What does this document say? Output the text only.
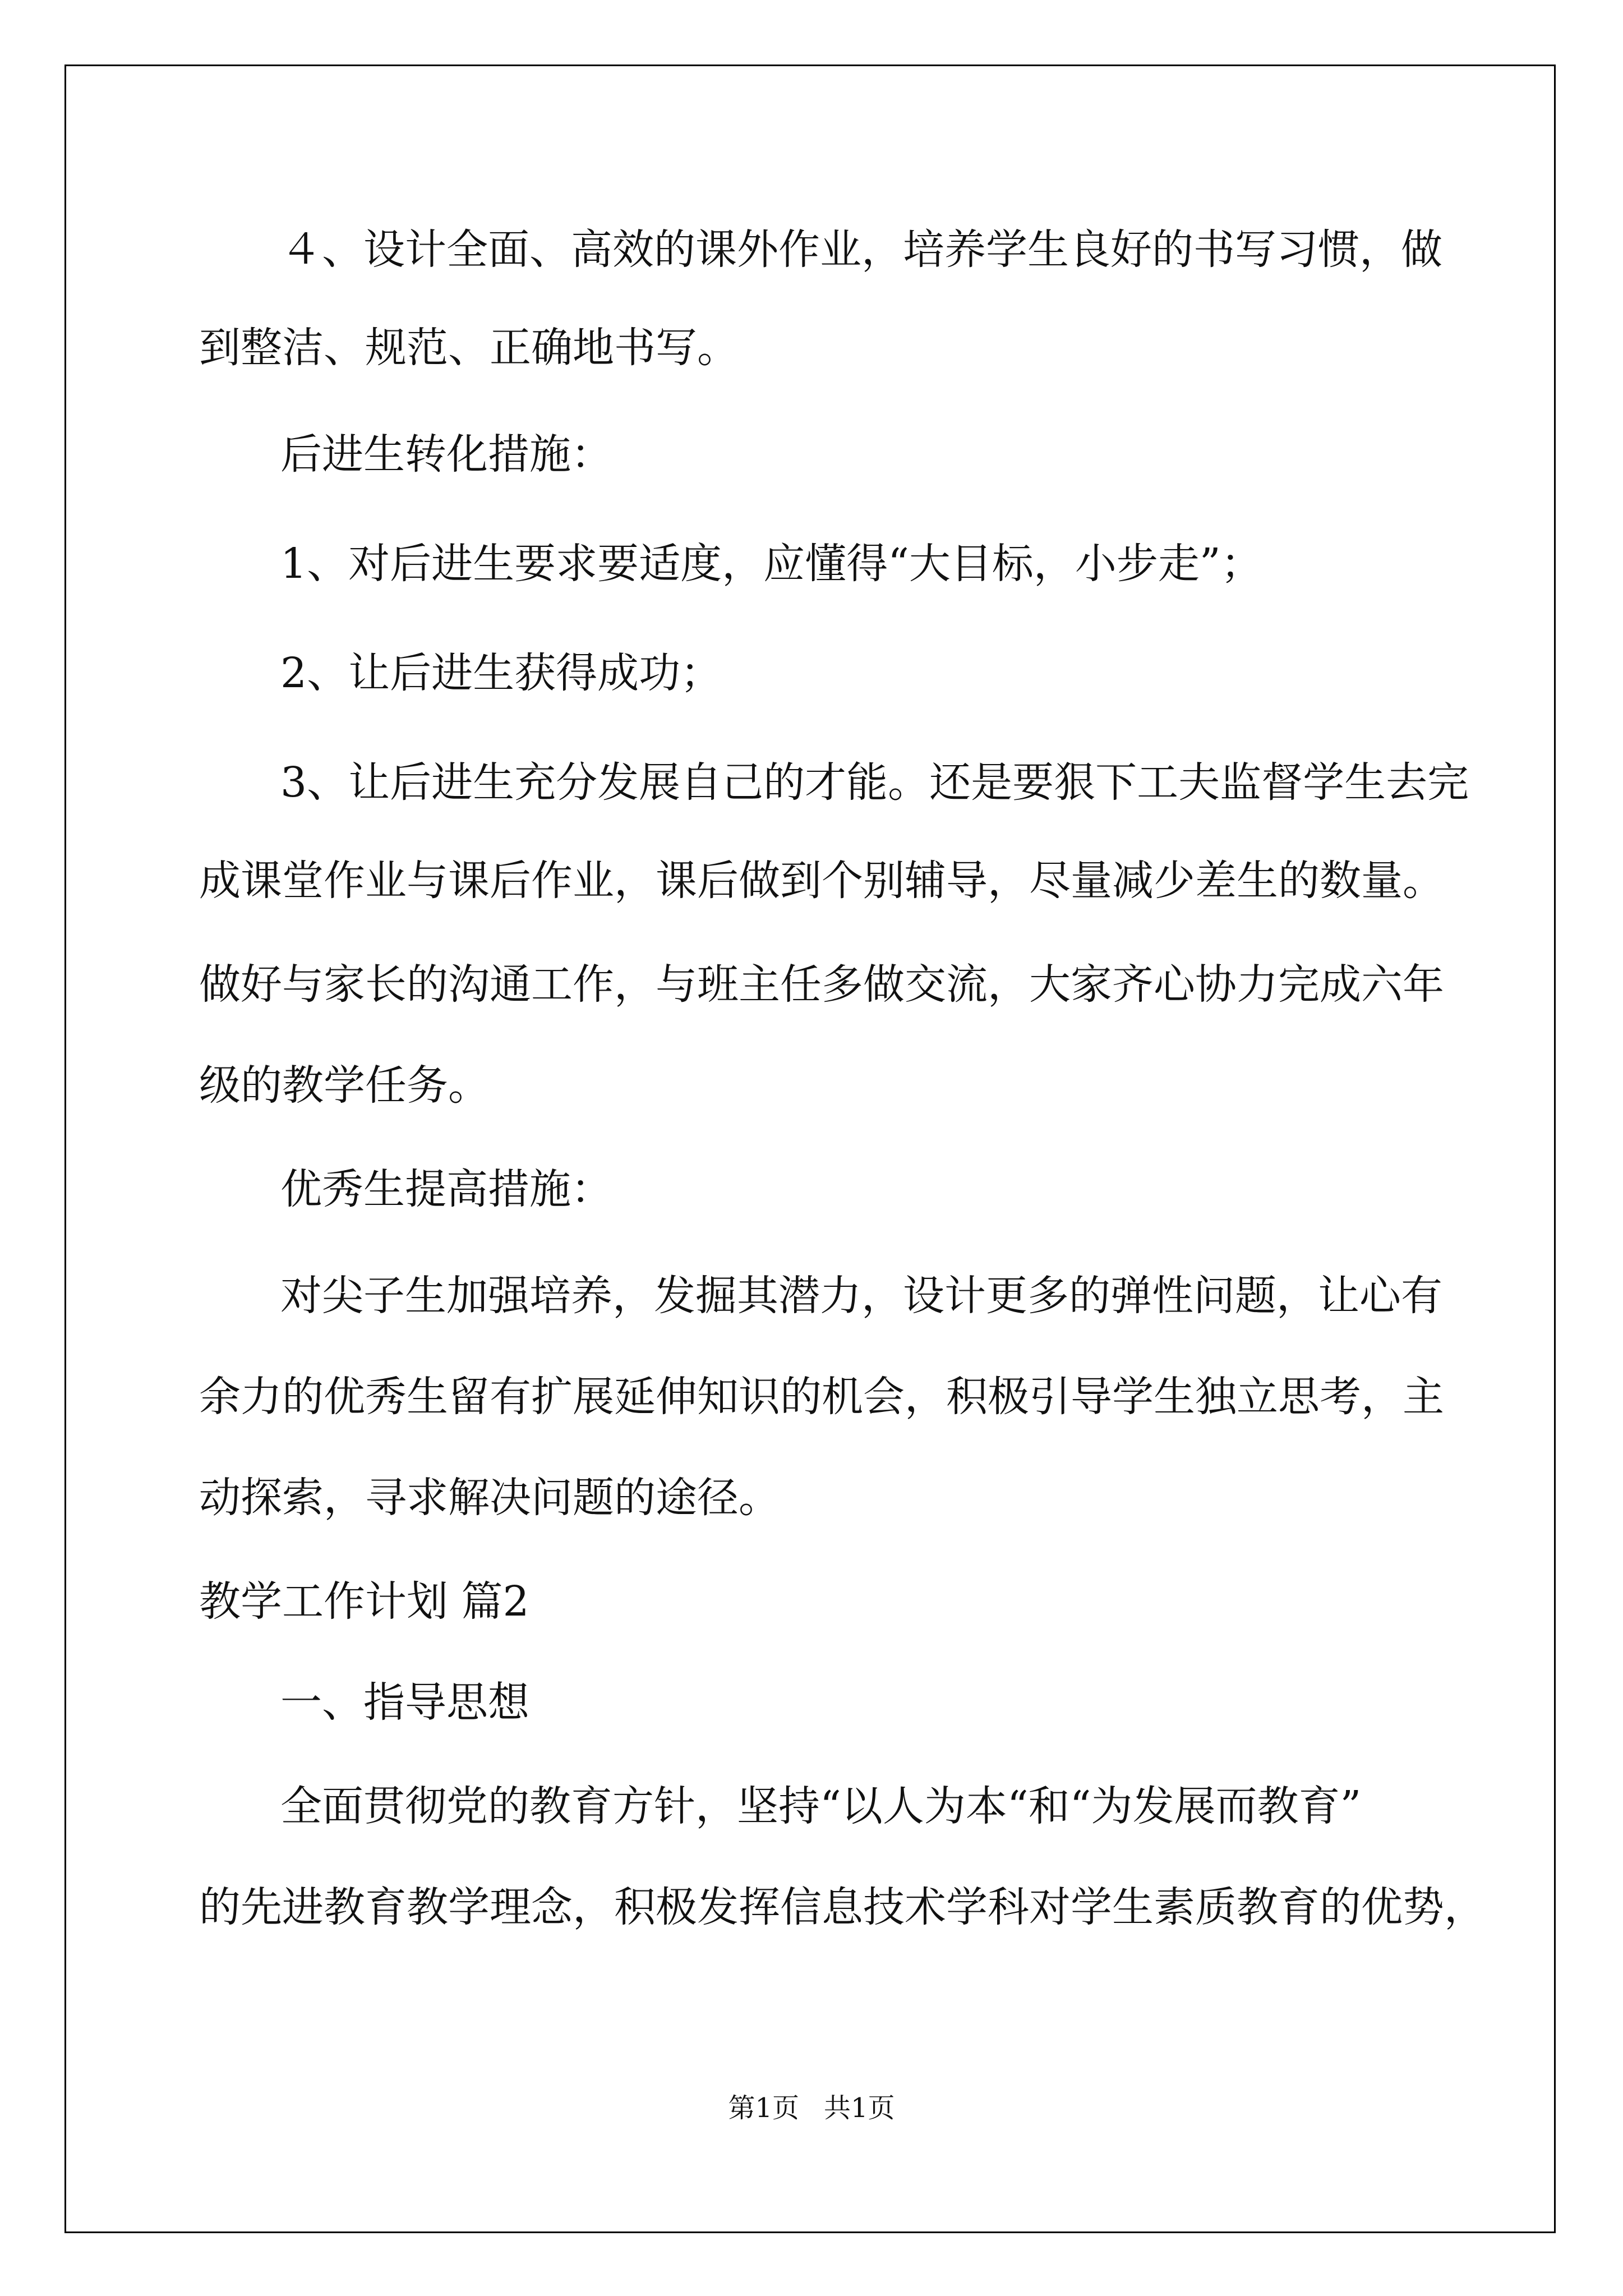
４、设计全面、高效的课外作业，培养学生良好的书写习惯，做
到整洁、规范、正确地书写。
后进生转化措施：
1、对后进生要求要适度，应懂得“大目标，小步走”；
2、让后进生获得成功；
3、让后进生充分发展自己的才能。还是要狠下工夫监督学生去完
成课堂作业与课后作业，课后做到个别辅导，尽量减少差生的数量。
做好与家长的沟通工作，与班主任多做交流，大家齐心协力完成六年
级的教学任务。
优秀生提高措施：
对尖子生加强培养，发掘其潜力，设计更多的弹性问题，让心有
余力的优秀生留有扩展延伸知识的机会，积极引导学生独立思考，主
动探索，寻求解决问题的途径。
教学工作计划 篇2
一、指导思想
全面贯彻党的教育方针，坚持“以人为本“和“为发展而教育”
的先进教育教学理念，积极发挥信息技术学科对学生素质教育的优势，
第1页 共1页
